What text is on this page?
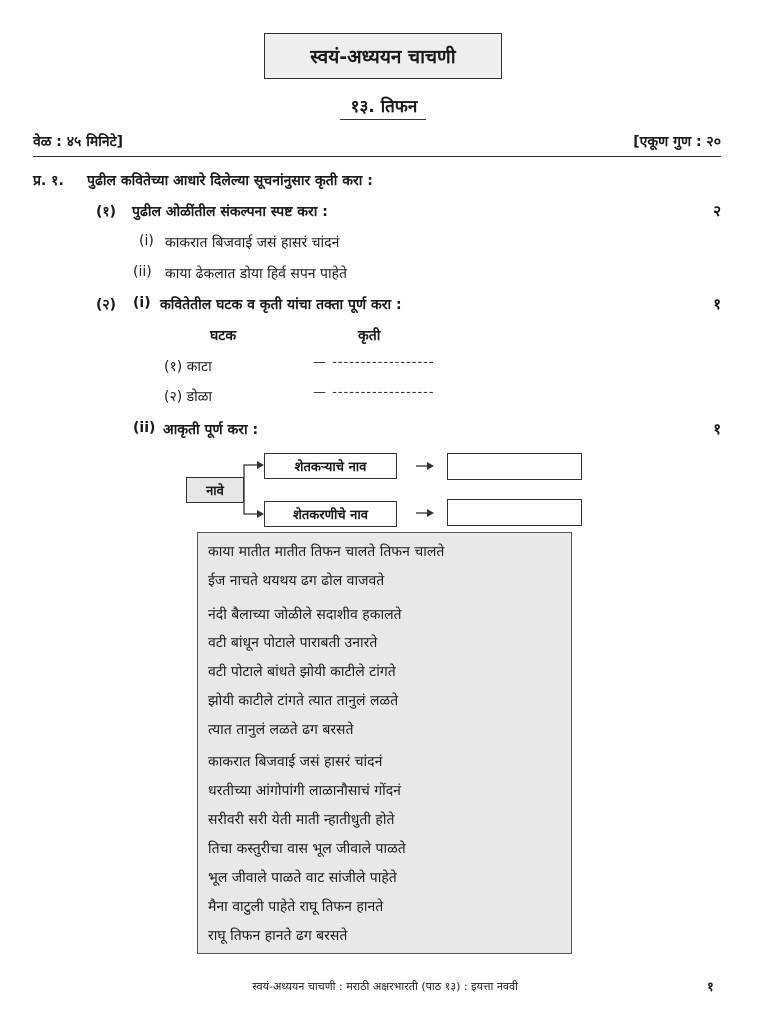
स्वयं-अध्ययन चाचणी
१३. तिफन
वेळ : ४५ मिनिटे]	[एकूण गुण : २०
प्र. १. पुढील कवितेच्या आधारे दिलेल्या सूचनांनुसार कृती करा :
(१) पुढील ओळींतील संकल्पना स्पष्ट करा :	२
(i) काकरात बिजवाई जसं हासरं चांदनं
(ii) काया ढेकलात डोया हिर्व सपन पाहेते
(२) (i) कवितेतील घटक व कृती यांचा तक्ता पूर्ण करा :	१
घटक	कृती
(१) काटा	— ------------------
(२) डोळा	— ------------------
(ii) आकृती पूर्ण करा :	१
नावे
शेतकऱ्याचे नाव
शेतकरणीचे नाव
काया मातीत मातीत तिफन चालते तिफन चालते
ईज नाचते थयथय ढग ढोल वाजवते
नंदी बैलाच्या जोळीले सदाशीव हकालते
वटी बांधून पोटाले पाराबती उनारते
वटी पोटाले बांधते झोयी काटीले टांगते
झोयी काटीले टांगते त्यात तानुलं लळते
त्यात तानुलं लळते ढग बरसते
काकरात बिजवाई जसं हासरं चांदनं
धरतीच्या आंगोपांगी लाळानौसाचं गोंदनं
सरीवरी सरी येती माती न्हातीधुती होते
तिचा कस्तुरीचा वास भूल जीवाले पाळते
भूल जीवाले पाळते वाट सांजीले पाहेते
मैना वाटुली पाहेते राघू तिफन हानते
राघू तिफन हानते ढग बरसते
स्वयं-अध्ययन चाचणी : मराठी अक्षरभारती (पाठ १३) : इयत्ता नववी	१
